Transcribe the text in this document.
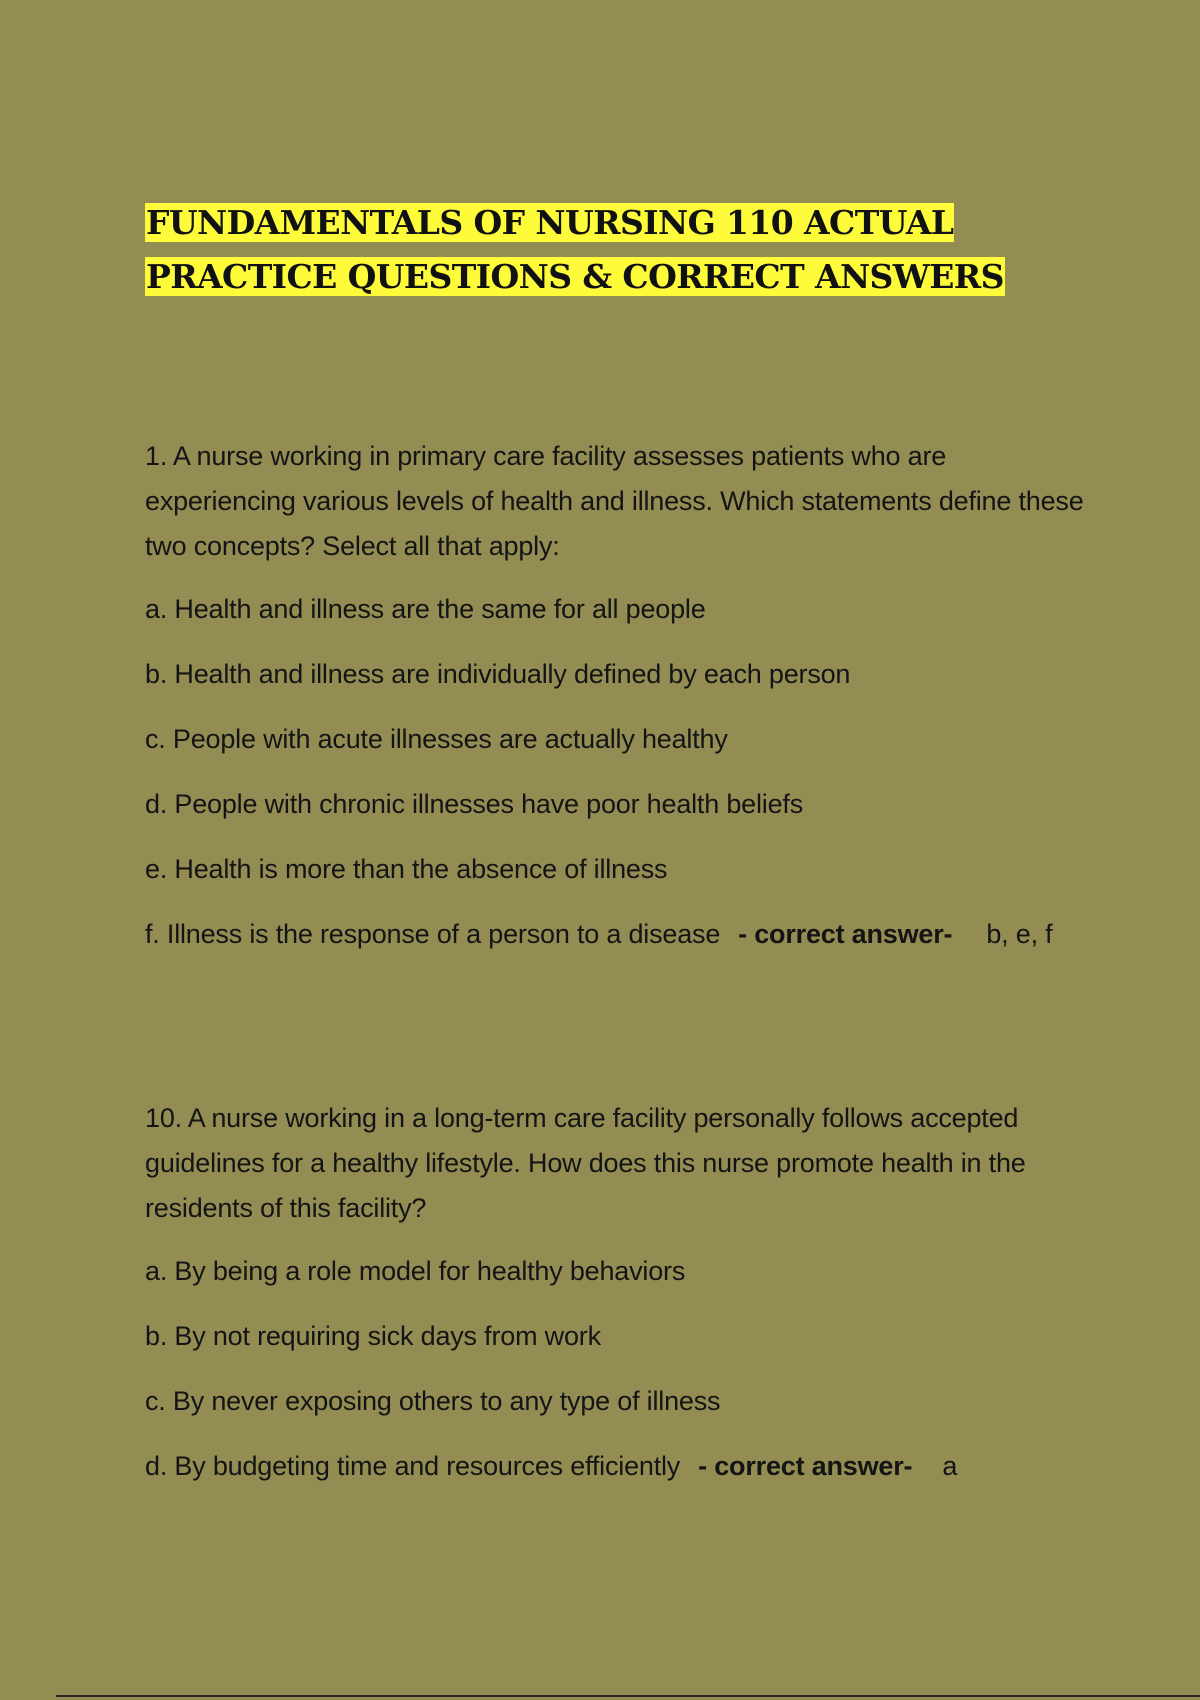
FUNDAMENTALS OF NURSING 110 ACTUAL
PRACTICE QUESTIONS & CORRECT ANSWERS

1. A nurse working in primary care facility assesses patients who are experiencing various levels of health and illness. Which statements define these two concepts? Select all that apply:

a. Health and illness are the same for all people
b. Health and illness are individually defined by each person
c. People with acute illnesses are actually healthy
d. People with chronic illnesses have poor health beliefs
e. Health is more than the absence of illness
f. Illness is the response of a person to a disease - correct answer- b, e, f

10. A nurse working in a long-term care facility personally follows accepted guidelines for a healthy lifestyle. How does this nurse promote health in the residents of this facility?

a. By being a role model for healthy behaviors
b. By not requiring sick days from work
c. By never exposing others to any type of illness
d. By budgeting time and resources efficiently - correct answer- a
